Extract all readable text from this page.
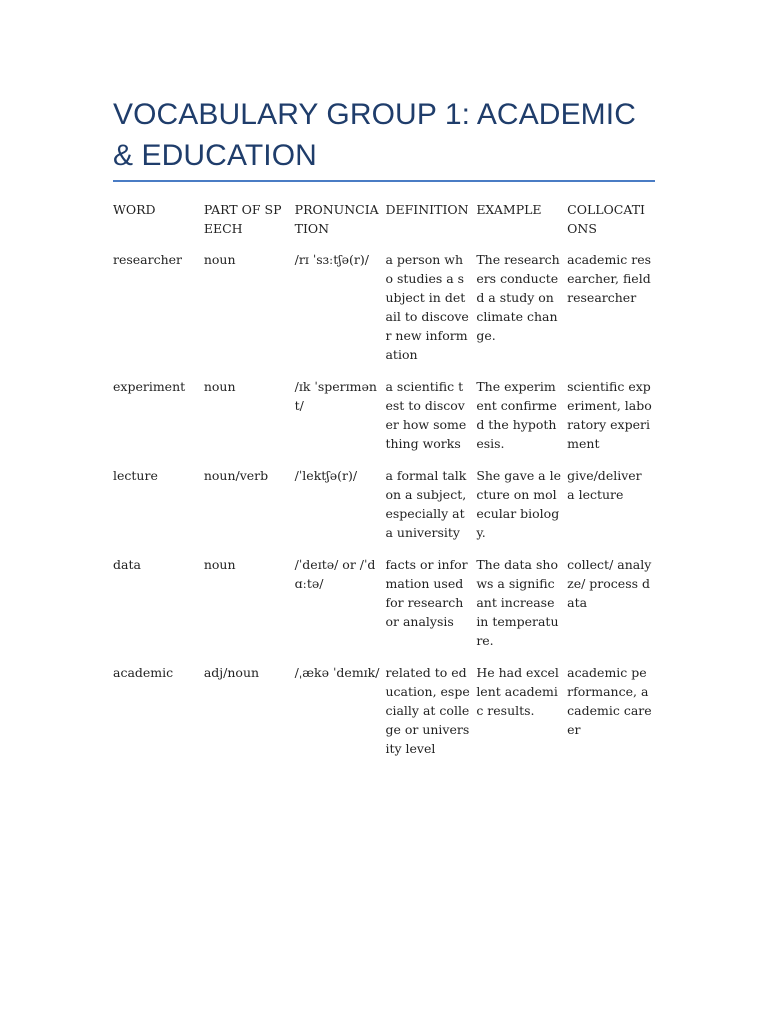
VOCABULARY GROUP 1: ACADEMIC & EDUCATION
WORD	PART OF SPEECH	PRONUNCIATION	DEFINITION	EXAMPLE	COLLOCATIONS
researcher	noun	/rɪ ˈsɜːtʃə(r)/	a person who studies a subject in detail to discover new information	The researchers conducted a study on climate change.	academic researcher, field researcher
experiment	noun	/ɪk ˈsperɪmənt/	a scientific test to discover how something works	The experiment confirmed the hypothesis.	scientific experiment, laboratory experiment
lecture	noun/verb	/ˈlektʃə(r)/	a formal talk on a subject, especially at a university	She gave a lecture on molecular biology.	give/deliver a lecture
data	noun	/ˈdeɪtə/ or /ˈdɑːtə/	facts or information used for research or analysis	The data shows a significant increase in temperature.	collect/ analyze/ process data
academic	adj/noun	/ˌækə ˈdemɪk/	related to education, especially at college or university level	He had excellent academic results.	academic performance, academic career
